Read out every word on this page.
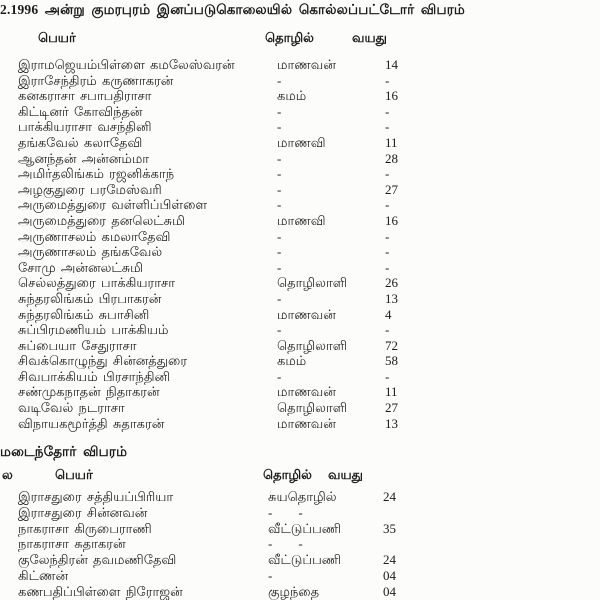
2.1996 அன்று குமரபுரம் இனப்படுகொலையில் கொல்லப்பட்டோர் விபரம்
பெயர்	தொழில்	வயது
இராமஜெயம்பிள்ளை கமலேஸ்வரன்	மாணவன்	14
இராசேந்திரம் கருணாகரன்	-	-
கனகராசா சபாபதிராசா	கமம்	16
கிட்டினர் கோவிந்தன்	-	-
பாக்கியராசா வசந்தினி	-	-
தங்கவேல் கலாதேவி	மாணவி	11
ஆனந்தன் அன்னம்மா	-	28
அமிர்தலிங்கம் ரஜனிக்காந்	-	-
அழகுதுரை பரமேஸ்வரி	-	27
அருமைத்துரை வள்ளிப்பிள்ளை	-	-
அருமைத்துரை தனலெட்சுமி	மாணவி	16
அருணாசலம் கமலாதேவி	-	-
அருணாசலம் தங்கவேல்	-	-
சோமு அன்னலட்சுமி	-	-
செல்லத்துரை பாக்கியராசா	தொழிலாளி	26
சுந்தரலிங்கம் பிரபாகரன்	-	13
சுந்தரலிங்கம் சுபாசினி	மாணவன்	4
சுப்பிரமணியம் பாக்கியம்	-	-
சுப்பையா சேதுராசா	தொழிலாளி	72
சிவக்கொழுந்து சின்னத்துரை	கமம்	58
சிவபாக்கியம் பிரசாந்தினி	-	-
சண்முகநாதன் நிதாகரன்	மாணவன்	11
வடிவேல் நடராசா	தொழிலாளி	27
விநாயகமூர்த்தி சுதாகரன்	மாணவன்	13
மடைந்தோர் விபரம்
ல	பெயர்	தொழில் வயது
இராசதுரை சத்தியப்பிரியா	சுயதொழில்	24
இராசதுரை சின்னவன்	-        -
நாகராசா கிருபைராணி	வீட்டுப்பணி	35
நாகராசா சுதாகரன்	-        -
குலேந்திரன் தவமணிதேவி	வீட்டுப்பணி	24
கிட்ணன்	-	04
கணபதிப்பிள்ளை நிரோஜன்	குழந்தை	04
